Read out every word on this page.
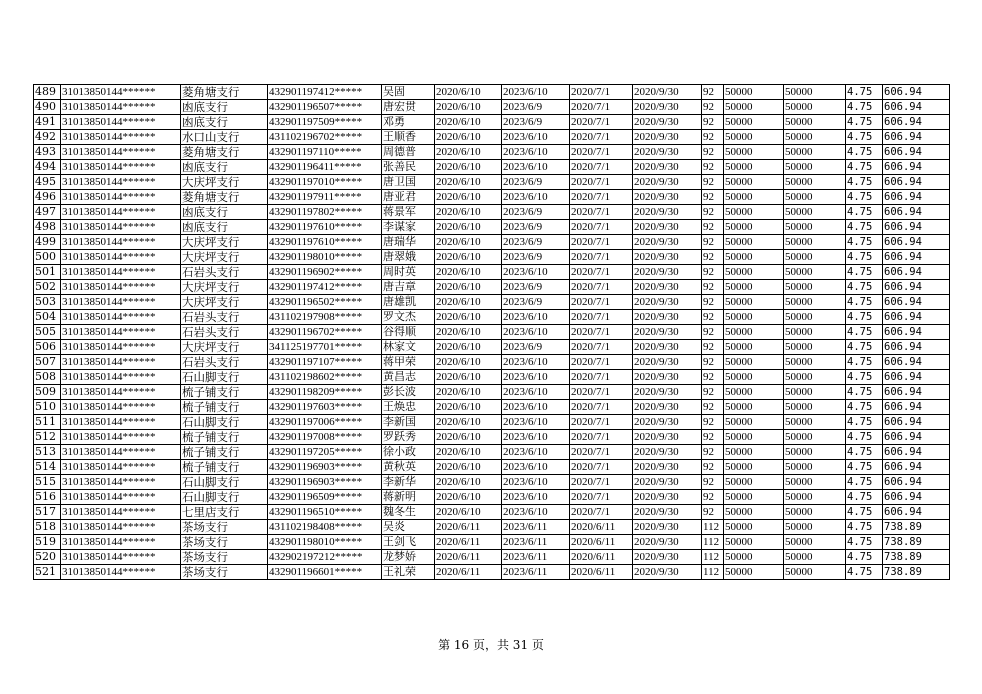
489	31013850144******	菱角塘支行	432901197412*****	吴固	2020/6/10	2023/6/10	2020/7/1	2020/9/30	92	50000	50000	4.75	606.94
490	31013850144******	凼底支行	432901196507*****	唐宏贯	2020/6/10	2023/6/9	2020/7/1	2020/9/30	92	50000	50000	4.75	606.94
491	31013850144******	凼底支行	432901197509*****	邓勇	2020/6/10	2023/6/9	2020/7/1	2020/9/30	92	50000	50000	4.75	606.94
492	31013850144******	水口山支行	431102196702*****	王顺香	2020/6/10	2023/6/10	2020/7/1	2020/9/30	92	50000	50000	4.75	606.94
493	31013850144******	菱角塘支行	432901197110*****	周德普	2020/6/10	2023/6/10	2020/7/1	2020/9/30	92	50000	50000	4.75	606.94
494	31013850144******	凼底支行	432901196411*****	张善民	2020/6/10	2023/6/10	2020/7/1	2020/9/30	92	50000	50000	4.75	606.94
495	31013850144******	大庆坪支行	432901197010*****	唐卫国	2020/6/10	2023/6/9	2020/7/1	2020/9/30	92	50000	50000	4.75	606.94
496	31013850144******	菱角塘支行	432901197911*****	唐亚君	2020/6/10	2023/6/10	2020/7/1	2020/9/30	92	50000	50000	4.75	606.94
497	31013850144******	凼底支行	432901197802*****	蒋景军	2020/6/10	2023/6/9	2020/7/1	2020/9/30	92	50000	50000	4.75	606.94
498	31013850144******	凼底支行	432901197610*****	李谋家	2020/6/10	2023/6/9	2020/7/1	2020/9/30	92	50000	50000	4.75	606.94
499	31013850144******	大庆坪支行	432901197610*****	唐瑞华	2020/6/10	2023/6/9	2020/7/1	2020/9/30	92	50000	50000	4.75	606.94
500	31013850144******	大庆坪支行	432901198010*****	唐翠娥	2020/6/10	2023/6/9	2020/7/1	2020/9/30	92	50000	50000	4.75	606.94
501	31013850144******	石岩头支行	432901196902*****	周时英	2020/6/10	2023/6/10	2020/7/1	2020/9/30	92	50000	50000	4.75	606.94
502	31013850144******	大庆坪支行	432901197412*****	唐吉章	2020/6/10	2023/6/9	2020/7/1	2020/9/30	92	50000	50000	4.75	606.94
503	31013850144******	大庆坪支行	432901196502*****	唐雄凯	2020/6/10	2023/6/9	2020/7/1	2020/9/30	92	50000	50000	4.75	606.94
504	31013850144******	石岩头支行	431102197908*****	罗文杰	2020/6/10	2023/6/10	2020/7/1	2020/9/30	92	50000	50000	4.75	606.94
505	31013850144******	石岩头支行	432901196702*****	谷得顺	2020/6/10	2023/6/10	2020/7/1	2020/9/30	92	50000	50000	4.75	606.94
506	31013850144******	大庆坪支行	341125197701*****	林家文	2020/6/10	2023/6/9	2020/7/1	2020/9/30	92	50000	50000	4.75	606.94
507	31013850144******	石岩头支行	432901197107*****	蒋甲荣	2020/6/10	2023/6/10	2020/7/1	2020/9/30	92	50000	50000	4.75	606.94
508	31013850144******	石山脚支行	431102198602*****	黄昌志	2020/6/10	2023/6/10	2020/7/1	2020/9/30	92	50000	50000	4.75	606.94
509	31013850144******	梳子铺支行	432901198209*****	彭长波	2020/6/10	2023/6/10	2020/7/1	2020/9/30	92	50000	50000	4.75	606.94
510	31013850144******	梳子铺支行	432901197603*****	王焕忠	2020/6/10	2023/6/10	2020/7/1	2020/9/30	92	50000	50000	4.75	606.94
511	31013850144******	石山脚支行	432901197006*****	李新国	2020/6/10	2023/6/10	2020/7/1	2020/9/30	92	50000	50000	4.75	606.94
512	31013850144******	梳子铺支行	432901197008*****	罗跃秀	2020/6/10	2023/6/10	2020/7/1	2020/9/30	92	50000	50000	4.75	606.94
513	31013850144******	梳子铺支行	432901197205*****	徐小政	2020/6/10	2023/6/10	2020/7/1	2020/9/30	92	50000	50000	4.75	606.94
514	31013850144******	梳子铺支行	432901196903*****	黄秋英	2020/6/10	2023/6/10	2020/7/1	2020/9/30	92	50000	50000	4.75	606.94
515	31013850144******	石山脚支行	432901196903*****	李新华	2020/6/10	2023/6/10	2020/7/1	2020/9/30	92	50000	50000	4.75	606.94
516	31013850144******	石山脚支行	432901196509*****	蒋新明	2020/6/10	2023/6/10	2020/7/1	2020/9/30	92	50000	50000	4.75	606.94
517	31013850144******	七里店支行	432901196510*****	魏冬生	2020/6/10	2023/6/10	2020/7/1	2020/9/30	92	50000	50000	4.75	606.94
518	31013850144******	茶场支行	431102198408*****	吴炎	2020/6/11	2023/6/11	2020/6/11	2020/9/30	112	50000	50000	4.75	738.89
519	31013850144******	茶场支行	432901198010*****	王剑飞	2020/6/11	2023/6/11	2020/6/11	2020/9/30	112	50000	50000	4.75	738.89
520	31013850144******	茶场支行	432902197212*****	龙梦娇	2020/6/11	2023/6/11	2020/6/11	2020/9/30	112	50000	50000	4.75	738.89
521	31013850144******	茶场支行	432901196601*****	王礼荣	2020/6/11	2023/6/11	2020/6/11	2020/9/30	112	50000	50000	4.75	738.89
第 16 页，共 31 页
